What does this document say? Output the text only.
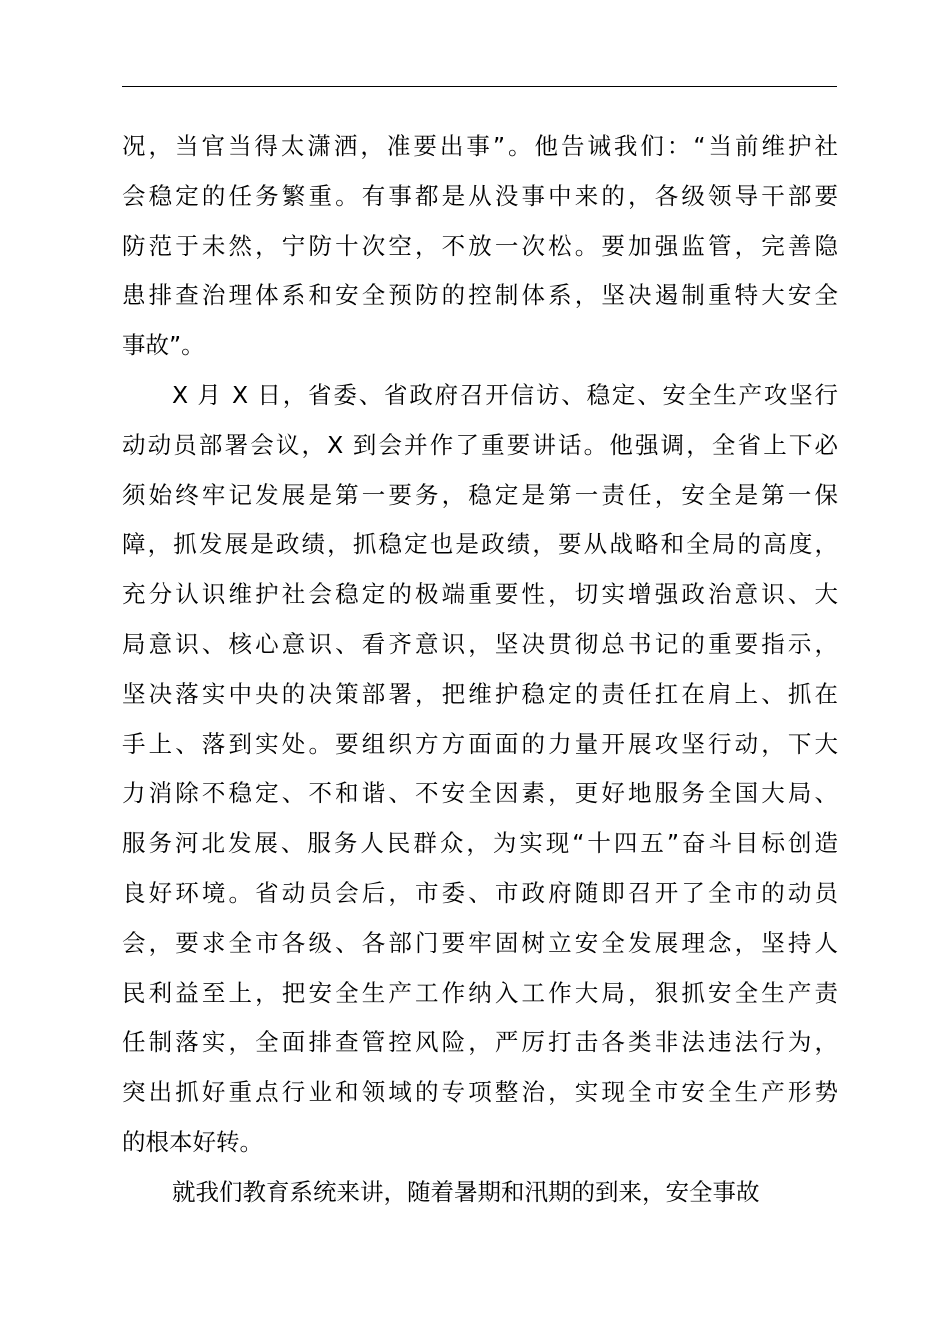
况，当官当得太潇洒，准要出事”。他告诫我们：“当前维护社
会稳定的任务繁重。有事都是从没事中来的，各级领导干部要
防范于未然，宁防十次空，不放一次松。要加强监管，完善隐
患排查治理体系和安全预防的控制体系，坚决遏制重特大安全
事故”。
X 月 X 日，省委、省政府召开信访、稳定、安全生产攻坚行
动动员部署会议，X 到会并作了重要讲话。他强调，全省上下必
须始终牢记发展是第一要务，稳定是第一责任，安全是第一保
障，抓发展是政绩，抓稳定也是政绩，要从战略和全局的高度，
充分认识维护社会稳定的极端重要性，切实增强政治意识、大
局意识、核心意识、看齐意识，坚决贯彻总书记的重要指示，
坚决落实中央的决策部署，把维护稳定的责任扛在肩上、抓在
手上、落到实处。要组织方方面面的力量开展攻坚行动，下大
力消除不稳定、不和谐、不安全因素，更好地服务全国大局、
服务河北发展、服务人民群众，为实现“十四五”奋斗目标创造
良好环境。省动员会后，市委、市政府随即召开了全市的动员
会，要求全市各级、各部门要牢固树立安全发展理念，坚持人
民利益至上，把安全生产工作纳入工作大局，狠抓安全生产责
任制落实，全面排查管控风险，严厉打击各类非法违法行为，
突出抓好重点行业和领域的专项整治，实现全市安全生产形势
的根本好转。
就我们教育系统来讲，随着暑期和汛期的到来，安全事故
